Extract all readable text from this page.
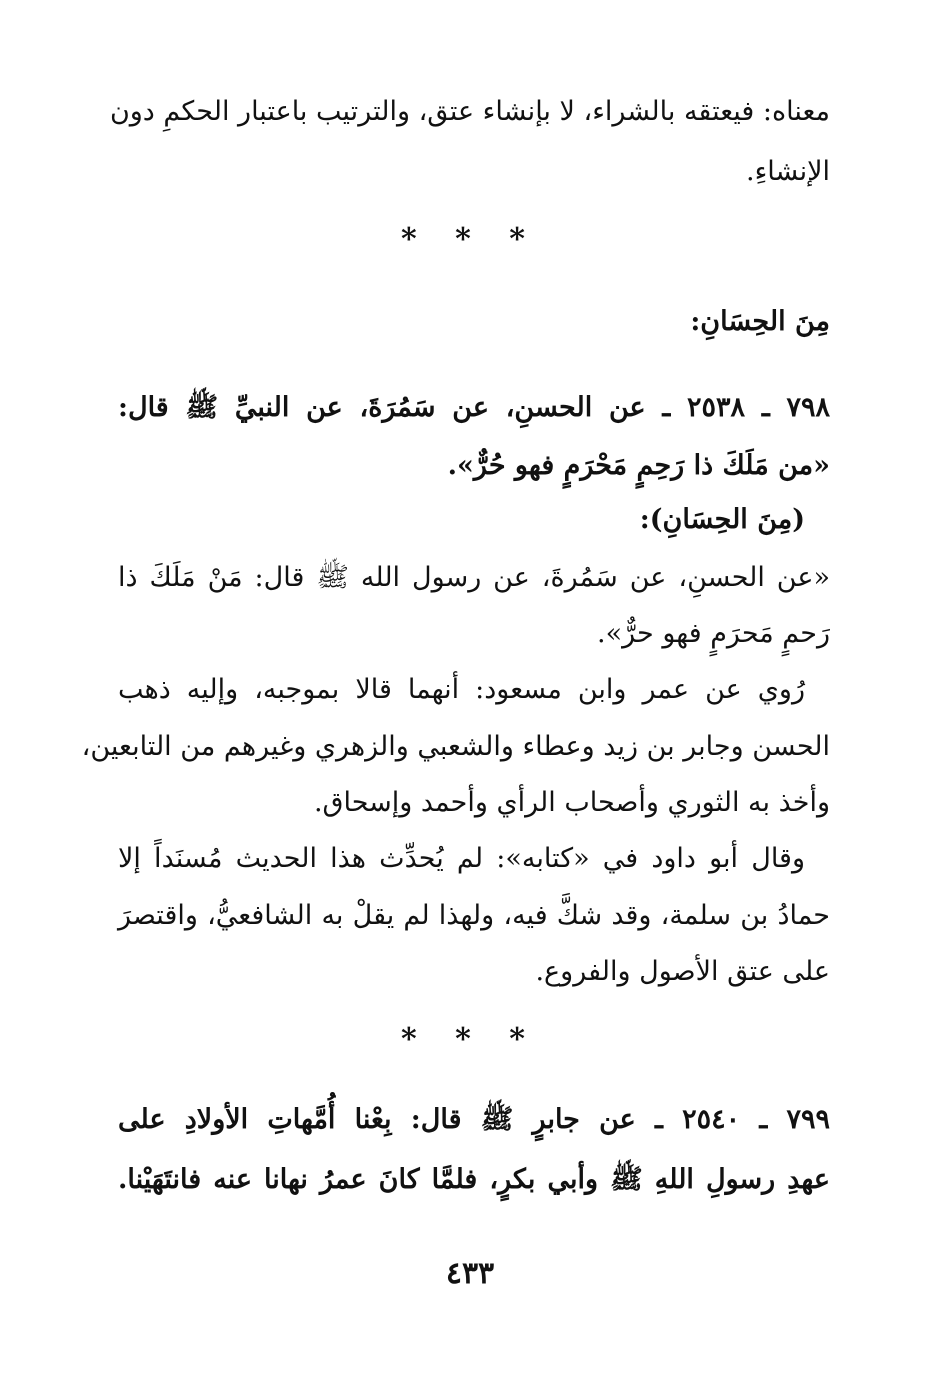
معناه: فيعتقه بالشراء، لا بإنشاء عتق، والترتيب باعتبار الحكمِ دون
الإنشاءِ.
* * *
مِنَ الحِسَانِ:
٧٩٨ ـ ٢٥٣٨ ـ عن الحسنِ، عن سَمُرَةَ، عن النبيِّ ﷺ قال:
«من مَلَكَ ذا رَحِمٍ مَحْرَمٍ فهو حُرٌّ».
(مِنَ الحِسَانِ):
«عن الحسنِ، عن سَمُرةَ، عن رسول الله ﷺ قال: مَنْ مَلَكَ ذا
رَحمٍ مَحرَمٍ فهو حرٌّ».
رُوي عن عمر وابن مسعود: أنهما قالا بموجبه، وإليه ذهب
الحسن وجابر بن زيد وعطاء والشعبي والزهري وغيرهم من التابعين،
وأخذ به الثوري وأصحاب الرأي وأحمد وإسحاق.
وقال أبو داود في «كتابه»: لم يُحدِّث هذا الحديث مُسنَداً إلا
حمادُ بن سلمة، وقد شكَّ فيه، ولهذا لم يقلْ به الشافعيُّ، واقتصرَ
على عتق الأصول والفروع.
* * *
٧٩٩ ـ ٢٥٤٠ ـ عن جابرٍ ﷺ قال: بِعْنا أُمَّهاتِ الأولادِ على
عهدِ رسولِ اللهِ ﷺ وأبي بكرٍ، فلمَّا كانَ عمرُ نهانا عنه فانتَهَيْنا.
٤٣٣
